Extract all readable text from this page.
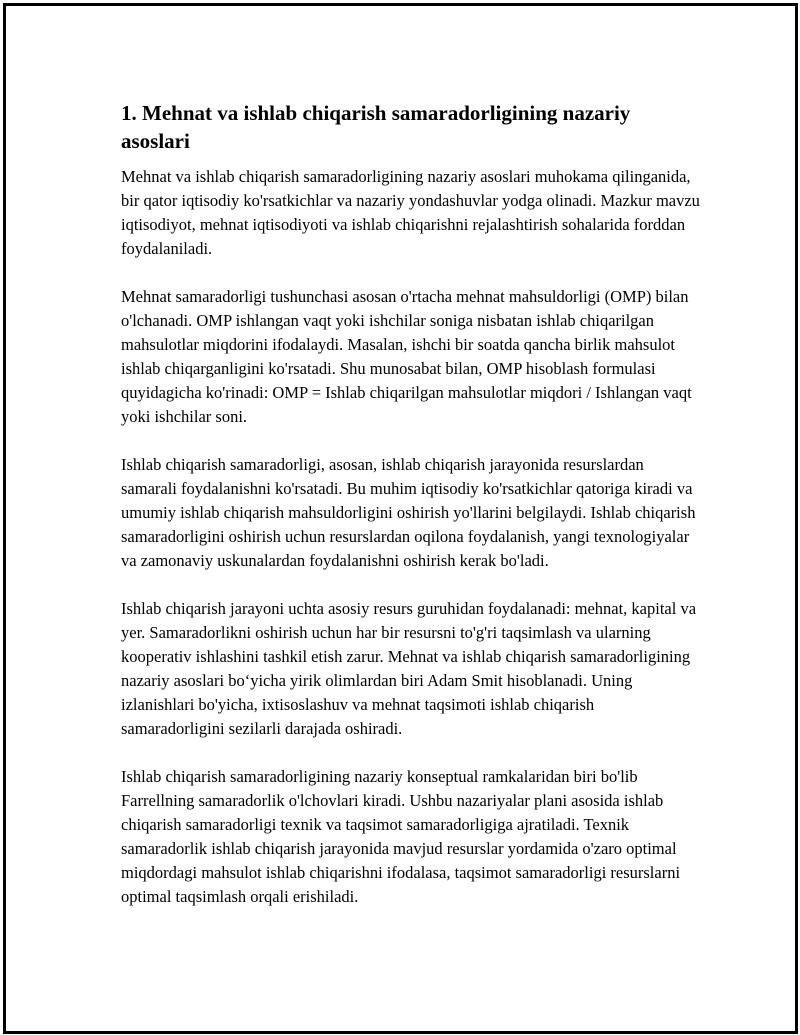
1. Mehnat va ishlab chiqarish samaradorligining nazariy asoslari

Mehnat va ishlab chiqarish samaradorligining nazariy asoslari muhokama qilinganida, bir qator iqtisodiy ko'rsatkichlar va nazariy yondashuvlar yodga olinadi. Mazkur mavzu iqtisodiyot, mehnat iqtisodiyoti va ishlab chiqarishni rejalashtirish sohalarida forddan foydalaniladi.

Mehnat samaradorligi tushunchasi asosan o'rtacha mehnat mahsuldorligi (OMP) bilan o'lchanadi. OMP ishlangan vaqt yoki ishchilar soniga nisbatan ishlab chiqarilgan mahsulotlar miqdorini ifodalaydi. Masalan, ishchi bir soatda qancha birlik mahsulot ishlab chiqarganligini ko'rsatadi. Shu munosabat bilan, OMP hisoblash formulasi quyidagicha ko'rinadi: OMP = Ishlab chiqarilgan mahsulotlar miqdori / Ishlangan vaqt yoki ishchilar soni.

Ishlab chiqarish samaradorligi, asosan, ishlab chiqarish jarayonida resurslardan samarali foydalanishni ko'rsatadi. Bu muhim iqtisodiy ko'rsatkichlar qatoriga kiradi va umumiy ishlab chiqarish mahsuldorligini oshirish yo'llarini belgilaydi. Ishlab chiqarish samaradorligini oshirish uchun resurslardan oqilona foydalanish, yangi texnologiyalar va zamonaviy uskunalardan foydalanishni oshirish kerak bo'ladi.

Ishlab chiqarish jarayoni uchta asosiy resurs guruhidan foydalanadi: mehnat, kapital va yer. Samaradorlikni oshirish uchun har bir resursni to'g'ri taqsimlash va ularning kooperativ ishlashini tashkil etish zarur. Mehnat va ishlab chiqarish samaradorligining nazariy asoslari bo‘yicha yirik olimlardan biri Adam Smit hisoblanadi. Uning izlanishlari bo'yicha, ixtisoslashuv va mehnat taqsimoti ishlab chiqarish samaradorligini sezilarli darajada oshiradi.

Ishlab chiqarish samaradorligining nazariy konseptual ramkalaridan biri bo'lib Farrellning samaradorlik o'lchovlari kiradi. Ushbu nazariyalar plani asosida ishlab chiqarish samaradorligi texnik va taqsimot samaradorligiga ajratiladi. Texnik samaradorlik ishlab chiqarish jarayonida mavjud resurslar yordamida o'zaro optimal miqdordagi mahsulot ishlab chiqarishni ifodalasa, taqsimot samaradorligi resurslarni optimal taqsimlash orqali erishiladi.
